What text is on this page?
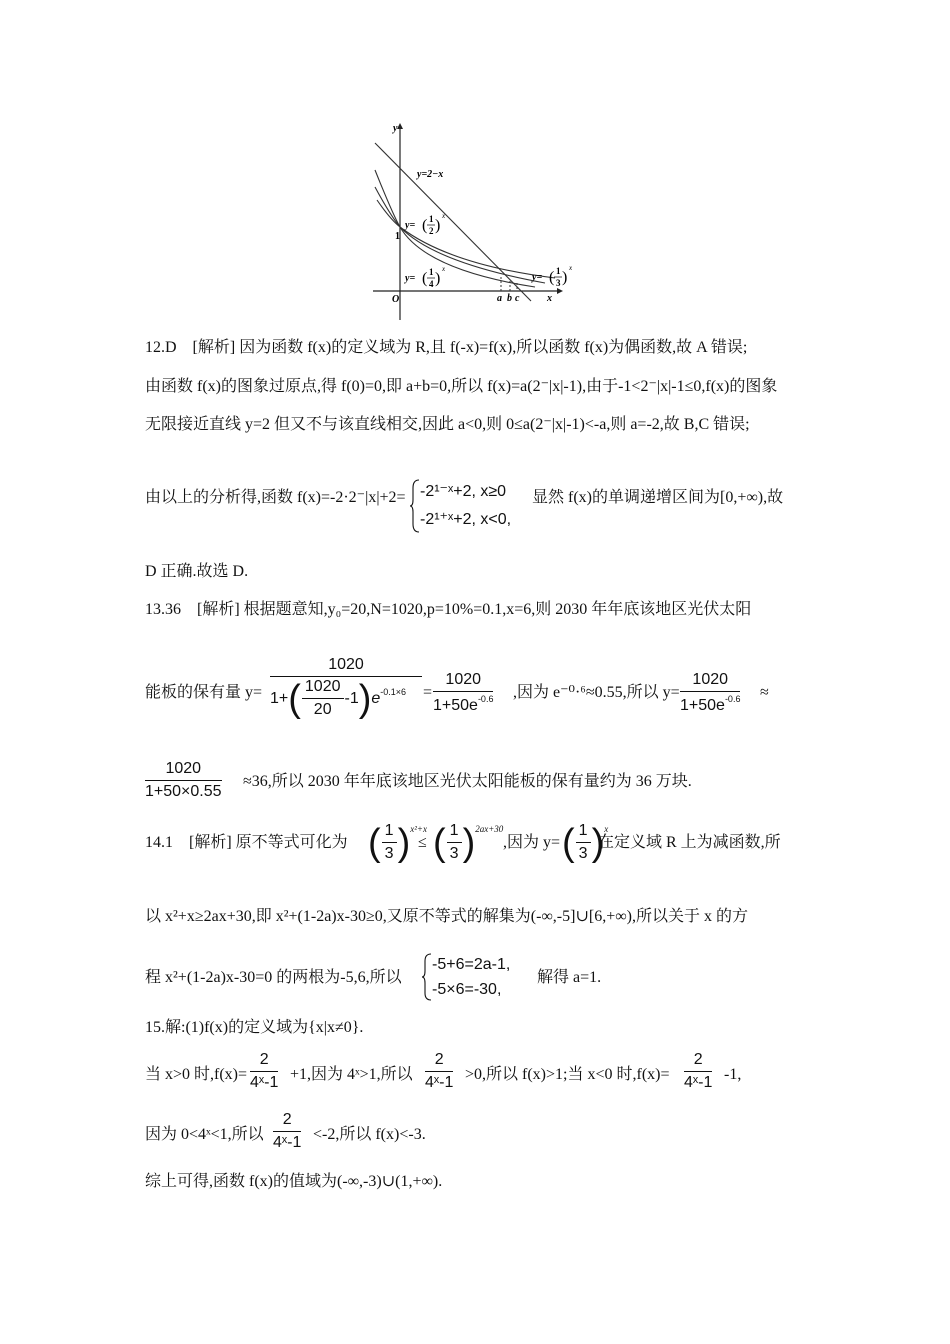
x
y
O
1
y=2−x
y=
1
2
( )
x
y=
1
4
( )
x
y=
1
3
( )
x
a b c
12.D　[解析] 因为函数 f(x)的定义域为 R,且 f(-x)=f(x),所以函数 f(x)为偶函数,故 A 错误;
由函数 f(x)的图象过原点,得 f(0)=0,即 a+b=0,所以 f(x)=a(2⁻|x|-1),由于-1<2⁻|x|-1≤0,f(x)的图象
无限接近直线 y=2 但又不与该直线相交,因此 a<0,则 0≤a(2⁻|x|-1)<-a,则 a=-2,故 B,C 错误;
由以上的分析得,函数 f(x)=-2·2⁻|x|+2= -2¹⁻ˣ+2, x≥0
-2¹⁺ˣ+2, x<0,
显然 f(x)的单调递增区间为[0,+∞),故
D 正确.故选 D.
13.36　[解析] 根据题意知,y₀=20,N=1020,p=10%=0.1,x=6,则 2030 年年底该地区光伏太阳
能板的保有量 y=
1020
1+ ( $\frac{1020}{20} -1$ ) e $-0.1\times 6 = \frac{1020}{1+50e^{-0.6}}$ ,因为 e⁻⁰·⁶≈0.55,所以 $y= \frac{1020}{1+50e^{-0.6}}$ ≈
$\frac{1020}{1+50\times 0.55} \approx 36$,所以 2030 年年底该地区光伏太阳能板的保有量约为 36 万块.
14.1　[解析] 原不等式可化为 ( $\frac{1}{3}$ ) x²+x
≤ ( $\frac{1}{3}$ ) 2ax+30
,因为 y= ( $\frac{1}{3}$ ) x
在定义域 R 上为减函数,所
以 x²+x≥2ax+30,即 x²+(1-2a)x-30≥0,又原不等式的解集为(-∞,-5]∪[6,+∞),所以关于 x 的方
程 x²+(1-2a)x-30=0 的两根为-5,6,所以
-5+6=2a-1,
-5×6=-30,
解得 a=1.
15.解:(1)f(x)的定义域为{x|x≠0}.
当 x>0 时$,f(x)= \frac{2}{\text{4ˣ-1}} +1$,因为 4ˣ>1,所以 $\frac{2}{\text{4ˣ-1}} >0$,所以 f(x)>1;当 x<0 时$,f(x)= \frac{2}{\text{4ˣ-1}} -1$,
因为 0<4ˣ<1,所以 $\frac{2}{\text{4ˣ-1}} <-2$,所以 f(x)<-3.
综上可得,函数 f(x)的值域为(-∞,-3)∪(1,+∞).
